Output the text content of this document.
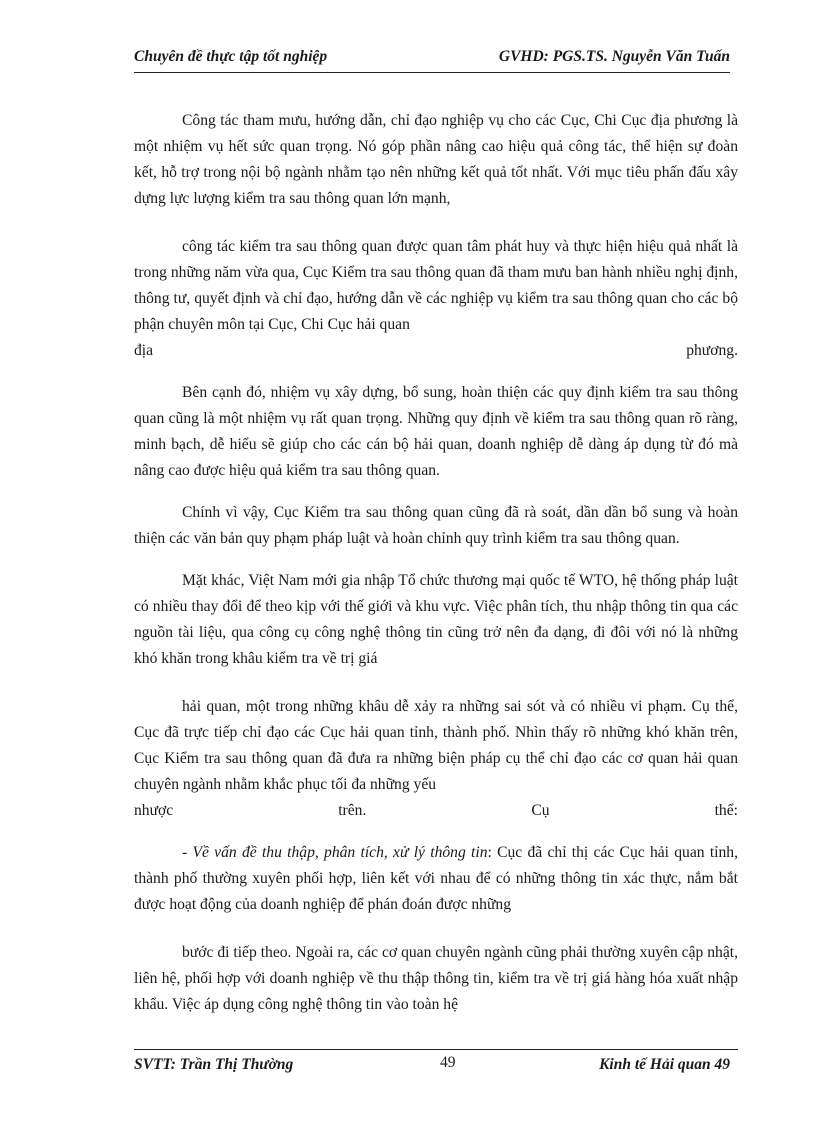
Chuyên đề thực tập tốt nghiệp	GVHD: PGS.TS. Nguyễn Văn Tuấn

Công tác tham mưu, hướng dẫn, chỉ đạo nghiệp vụ cho các Cục, Chi Cục địa phương là một nhiệm vụ hết sức quan trọng. Nó góp phần nâng cao hiệu quả công tác, thể hiện sự đoàn kết, hỗ trợ trong nội bộ ngành nhằm tạo nên những kết quả tốt nhất. Với mục tiêu phấn đấu xây dựng lực lượng kiểm tra sau thông quan lớn mạnh,

công tác kiểm tra sau thông quan được quan tâm phát huy và thực hiện hiệu quả nhất là trong những năm vừa qua, Cục Kiểm tra sau thông quan đã tham mưu ban hành nhiều nghị định, thông tư, quyết định và chỉ đạo, hướng dẫn về các nghiệp vụ kiểm tra sau thông quan cho các bộ phận chuyên môn tại Cục, Chi Cục hải quan

địa	phương.

Bên cạnh đó, nhiệm vụ xây dựng, bổ sung, hoàn thiện các quy định kiểm tra sau thông quan cũng là một nhiệm vụ rất quan trọng. Những quy định về kiểm tra sau thông quan rõ ràng, minh bạch, dễ hiểu sẽ giúp cho các cán bộ hải quan, doanh nghiệp dễ dàng áp dụng từ đó mà nâng cao được hiệu quả kiểm tra sau thông quan.

Chính vì vậy, Cục Kiểm tra sau thông quan cũng đã rà soát, dần dần bổ sung và hoàn thiện các văn bản quy phạm pháp luật và hoàn chỉnh quy trình kiểm tra sau thông quan.

Mặt khác, Việt Nam mới gia nhập Tổ chức thương mại quốc tế WTO, hệ thống pháp luật có nhiều thay đổi để theo kịp với thế giới và khu vực. Việc phân tích, thu nhập thông tin qua các nguồn tài liệu, qua công cụ công nghệ thông tin cũng trở nên đa dạng, đi đôi với nó là những khó khăn trong khâu kiểm tra về trị giá

hải quan, một trong những khâu dễ xảy ra những sai sót và có nhiều vi phạm. Cụ thể, Cục đã trực tiếp chỉ đạo các Cục hải quan tỉnh, thành phố. Nhìn thấy rõ những khó khăn trên, Cục Kiểm tra sau thông quan đã đưa ra những biện pháp cụ thể chỉ đạo các cơ quan hải quan chuyên ngành nhằm khắc phục tối đa những yếu

nhược	trên.	Cụ	thể:

- Về vấn đề thu thập, phân tích, xử lý thông tin: Cục đã chỉ thị các Cục hải quan tỉnh, thành phố thường xuyên phối hợp, liên kết với nhau để có những thông tin xác thực, nắm bắt được hoạt động của doanh nghiệp để phán đoán được những

bước đi tiếp theo. Ngoài ra, các cơ quan chuyên ngành cũng phải thường xuyên cập nhật, liên hệ, phối hợp với doanh nghiệp về thu thập thông tin, kiểm tra về trị giá hàng hóa xuất nhập khẩu. Việc áp dụng công nghệ thông tin vào toàn hệ

SVTT: Trần Thị Thường	49	Kinh tế Hải quan 49
